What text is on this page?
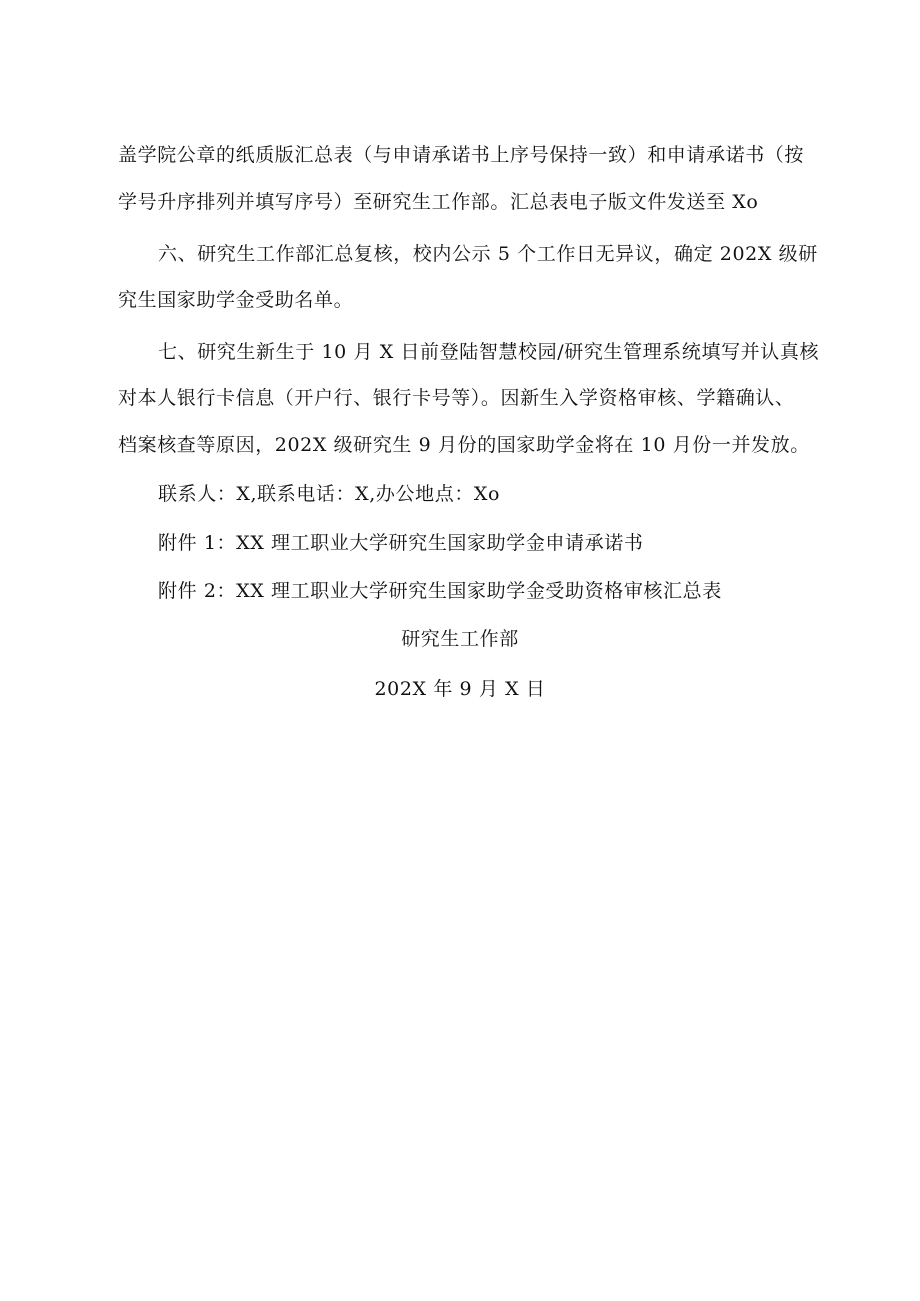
盖学院公章的纸质版汇总表（与申请承诺书上序号保持一致）和申请承诺书（按
学号升序排列并填写序号）至研究生工作部。汇总表电子版文件发送至 Xo
六、研究生工作部汇总复核，校内公示 5 个工作日无异议，确定 202X 级研
究生国家助学金受助名单。
七、研究生新生于 10 月 X 日前登陆智慧校园/研究生管理系统填写并认真核
对本人银行卡信息（开户行、银行卡号等）。因新生入学资格审核、学籍确认、
档案核查等原因，202X 级研究生 9 月份的国家助学金将在 10 月份一并发放。
联系人：X,联系电话：X,办公地点：Xo
附件 1：XX 理工职业大学研究生国家助学金申请承诺书
附件 2：XX 理工职业大学研究生国家助学金受助资格审核汇总表
研究生工作部
202X 年 9 月 X 日
